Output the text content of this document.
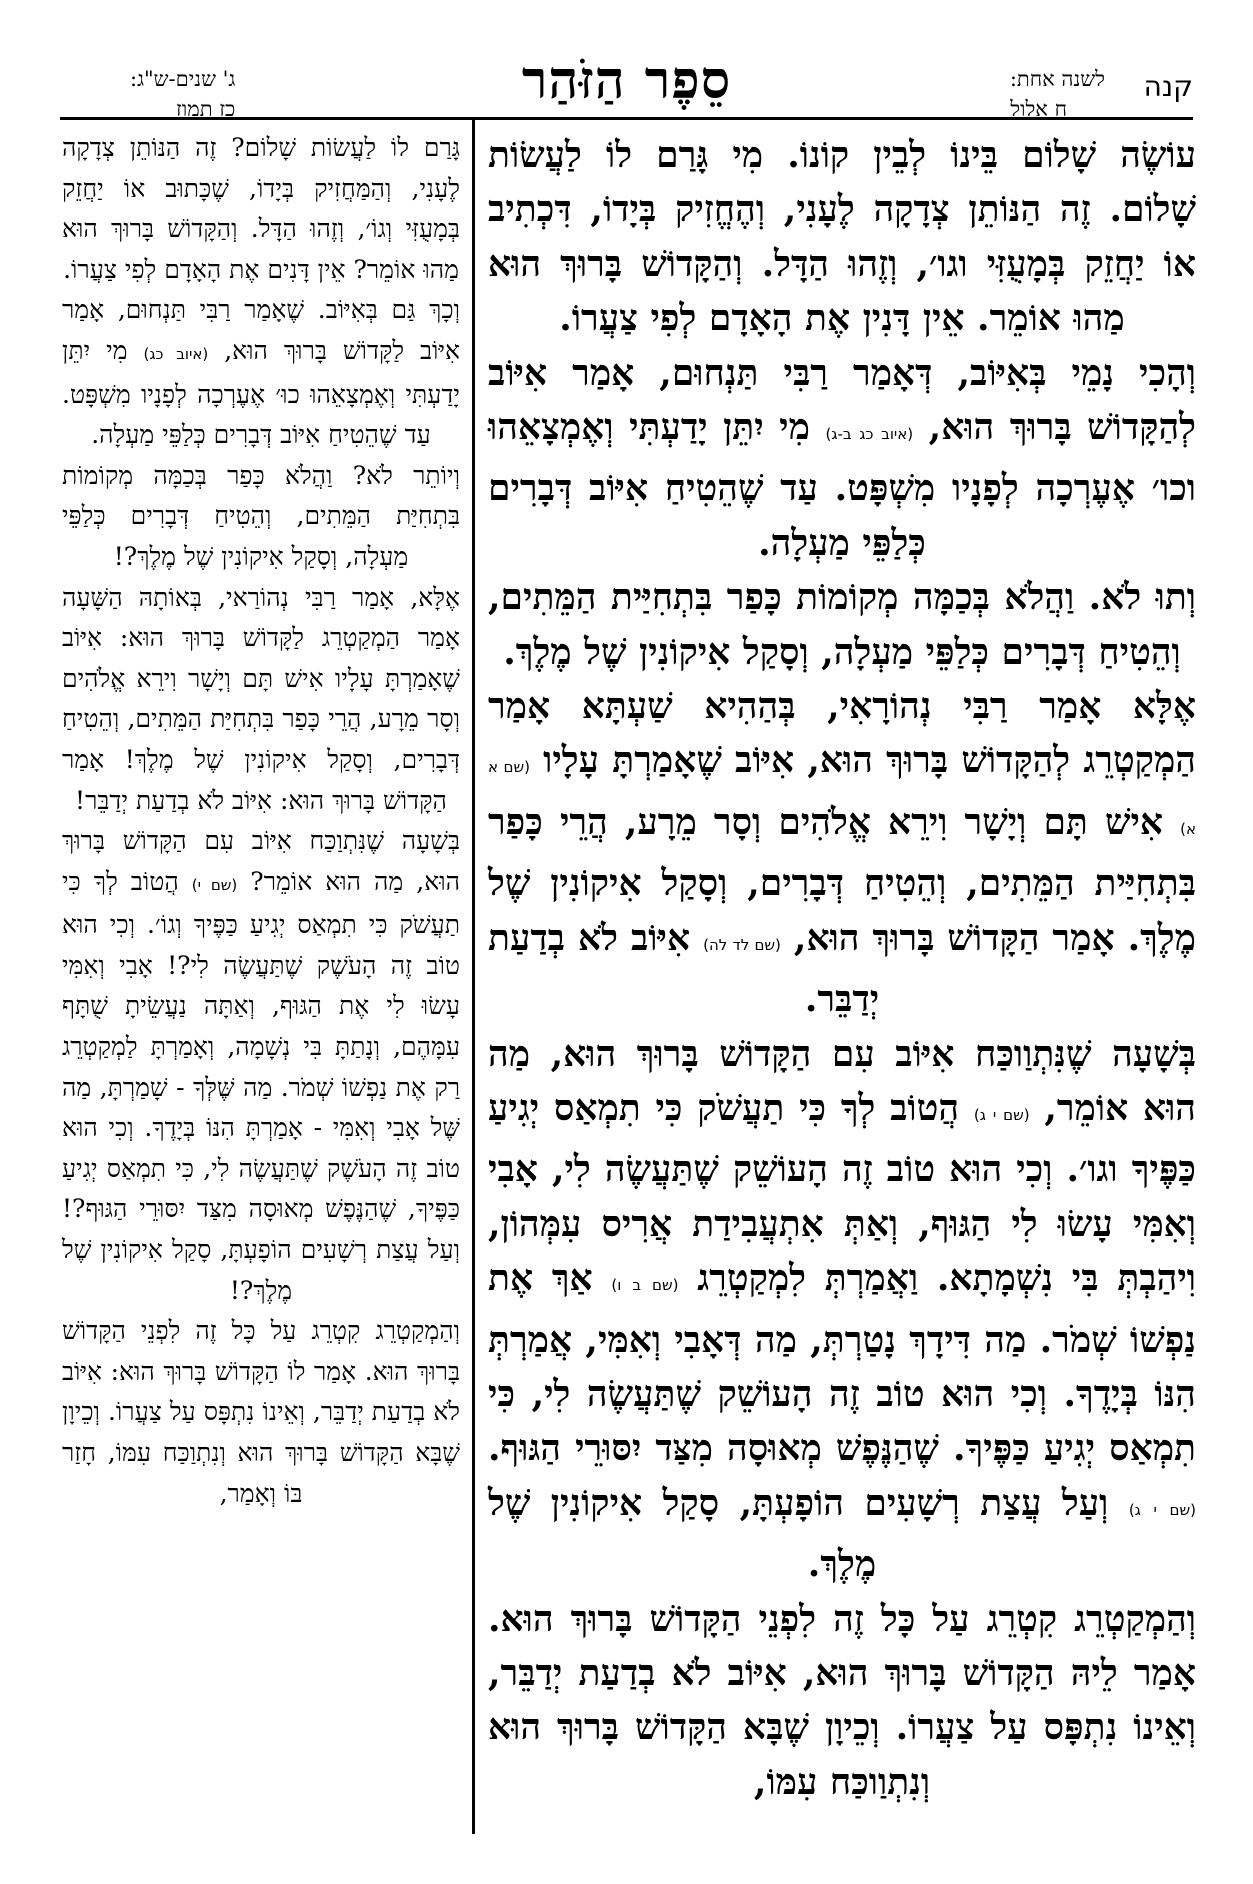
קנה
לשנה אחת:
ח אלול
סֵפֶר הַזֹּהַר
ג' שנים-ש"ג:
כז תמוז

עוֹשֶׂה שָׁלוֹם בֵּינוֹ לְבֵין קוֹנוֹ. מִי גָּרַם לוֹ לַעֲשׂוֹת שָׁלוֹם. זֶה הַנּוֹתֵן צְדָקָה לֶעָנִי, וְהֶחֱזִיק בְּיָדוֹ, דִּכְתִיב אוֹ יַחֲזֵק בְּמָעֻזִּי וגו׳, וְזֶהוּ הַדָּל. וְהַקָּדוֹשׁ בָּרוּךְ הוּא מַהוּ אוֹמֵר. אֵין דָּנִין אֶת הָאָדָם לְפִי צַעֲרוֹ.

וְהָכִי נָמֵי בְּאִיּוֹב, דְּאָמַר רַבִּי תַּנְחוּם, אָמַר אִיּוֹב לְהַקָּדוֹשׁ בָּרוּךְ הוּא, (איוב כג ב-ג) מִי יִתֵּן יָדַעְתִּי וְאֶמְצָאֵהוּ וכו׳ אֶעֶרְכָה לְפָנָיו מִשְׁפָּט. עַד שֶׁהֵטִיחַ אִיּוֹב דְּבָרִים כְּלַפֵּי מַעְלָה.

וְתוּ לֹא. וַהֲלֹא בְּכַמָּה מְקוֹמוֹת כָּפַר בִּתְחִיַּית הַמֵּתִים, וְהֵטִיחַ דְּבָרִים כְּלַפֵּי מַעְלָה, וְסָקַל אִיקוֹנִין שֶׁל מֶלֶךְ.

אֶלָּא אָמַר רַבִּי נְהוֹרָאִי, בְּהַהִיא שַׁעְתָּא אָמַר הַמְקַטְרֵג לְהַקָּדוֹשׁ בָּרוּךְ הוּא, אִיּוֹב שֶׁאָמַרְתָּ עָלָיו (שם א א) אִישׁ תָּם וְיָשָׁר וִירֵא אֱלֹהִים וְסָר מֵרָע, הֲרֵי כָּפַר בִּתְחִיַּית הַמֵּתִים, וְהֵטִיחַ דְּבָרִים, וְסָקַל אִיקוֹנִין שֶׁל מֶלֶךְ. אָמַר הַקָּדוֹשׁ בָּרוּךְ הוּא, (שם לד לה) אִיּוֹב לֹא בְדַעַת יְדַבֵּר.

בְּשָׁעָה שֶׁנִּתְוַוכַּח אִיּוֹב עִם הַקָּדוֹשׁ בָּרוּךְ הוּא, מַה הוּא אוֹמֵר, (שם י ג) הֲטוֹב לְךָ כִּי תַעֲשֹׁק כִּי תִמְאַס יְגִיעַ כַּפֶּיךָ וגו׳. וְכִי הוּא טוֹב זֶה הָעוֹשֵׁק שֶׁתַּעֲשֶׂה לִי, אָבִי וְאִמִּי עָשׂוּ לִי הַגּוּף, וְאַתְּ אִתְעֲבִידַת אֲרִיס עִמְּהוֹן, וִיהַבְתְּ בִּי נִשְׁמָתָא. וַאֲמַרְתְּ לִמְקַטְרֵג (שם ב ו) אַךְ אֶת נַפְשׁוֹ שְׁמֹר. מַה דִּידָךְ נָטַרְתְּ, מַה דְּאָבִי וְאִמִּי, אֲמַרְתְּ הִנּוֹ בְּיָדֶךָ. וְכִי הוּא טוֹב זֶה הָעוֹשֵׁק שֶׁתַּעֲשֶׂה לִי, כִּי תִמְאַס יְגִיעַ כַּפֶּיךָ. שֶׁהַנֶּפֶשׁ מְאוּסָה מִצַּד יִסּוּרֵי הַגּוּף. (שם י ג) וְעַל עֲצַת רְשָׁעִים הוֹפָעְתָּ, סָקַל אִיקוֹנִין שֶׁל מֶלֶךְ.

וְהַמְקַטְרֵג קִטְרֵג עַל כָּל זֶה לִפְנֵי הַקָּדוֹשׁ בָּרוּךְ הוּא. אָמַר לֵיהּ הַקָּדוֹשׁ בָּרוּךְ הוּא, אִיּוֹב לֹא בְדַעַת יְדַבֵּר, וְאֵינוֹ נִתְפָּס עַל צַעֲרוֹ. וְכֵיוָן שֶׁבָּא הַקָּדוֹשׁ בָּרוּךְ הוּא וְנִתְוַוכַּח עִמּוֹ,

גָּרַם לוֹ לַעֲשׂוֹת שָׁלוֹם? זֶה הַנּוֹתֵן צְדָקָה לֶעָנִי, וְהַמַּחֲזִיק בְּיָדוֹ, שֶׁכָּתוּב אוֹ יַחֲזֵק בְּמָעֻזִּי וְגוֹ׳, וְזֶהוּ הַדָּל. וְהַקָּדוֹשׁ בָּרוּךְ הוּא מַהוּ אוֹמֵר? אֵין דָּנִים אֶת הָאָדָם לְפִי צַעֲרוֹ.

וְכָךְ גַּם בְּאִיּוֹב. שֶׁאָמַר רַבִּי תַּנְחוּם, אָמַר אִיּוֹב לַקָּדוֹשׁ בָּרוּךְ הוּא, (איוב כג) מִי יִתֵּן יָדַעְתִּי וְאֶמְצָאֵהוּ כוּ׳ אֶעֶרְכָה לְפָנָיו מִשְׁפָּט. עַד שֶׁהֵטִיחַ אִיּוֹב דְּבָרִים כְּלַפֵּי מַעְלָה.

וְיוֹתֵר לֹא? וַהֲלֹא כָּפַר בְּכַמָּה מְקוֹמוֹת בִּתְחִיַּת הַמֵּתִים, וְהֵטִיחַ דְּבָרִים כְּלַפֵּי מַעְלָה, וְסָקַל אִיקוֹנִין שֶׁל מֶלֶךְ?!

אֶלָּא, אָמַר רַבִּי נְהוֹרַאי, בְּאוֹתָהּ הַשָּׁעָה אָמַר הַמְקַטְרֵג לַקָּדוֹשׁ בָּרוּךְ הוּא: אִיּוֹב שֶׁאָמַרְתָּ עָלָיו אִישׁ תָּם וְיָשָׁר וִירֵא אֱלֹהִים וְסָר מֵרָע, הֲרֵי כָּפַר בִּתְחִיַּת הַמֵּתִים, וְהֵטִיחַ דְּבָרִים, וְסָקַל אִיקוֹנִין שֶׁל מֶלֶךְ! אָמַר הַקָּדוֹשׁ בָּרוּךְ הוּא: אִיּוֹב לֹא בְדַעַת יְדַבֵּר!

בְּשָׁעָה שֶׁנִּתְוַכַּח אִיּוֹב עִם הַקָּדוֹשׁ בָּרוּךְ הוּא, מַה הוּא אוֹמֵר? (שם י) הֲטוֹב לְךָ כִּי תַעֲשֹׁק כִּי תִמְאַס יְגִיעַ כַּפֶּיךָ וְגוֹ׳. וְכִי הוּא טוֹב זֶה הָעֹשֶׁק שֶׁתַּעֲשֶׂה לִי?! אָבִי וְאִמִּי עָשׂוּ לִי אֶת הַגּוּף, וְאַתָּה נַעֲשֵׂיתָ שֻׁתָּף עִמָּהֶם, וְנָתַתָּ בִּי נְשָׁמָה, וְאָמַרְתָּ לַמְקַטְרֵג רַק אֶת נַפְשׁוֹ שְׁמֹר. מַה שֶּׁלְּךָ - שָׁמַרְתָּ, מַה שֶּׁל אָבִי וְאִמִּי - אָמַרְתָּ הִנּוֹ בְּיָדֶךָ. וְכִי הוּא טוֹב זֶה הָעֹשֶׁק שֶׁתַּעֲשֶׂה לִי, כִּי תִמְאַס יְגִיעַ כַּפֶּיךָ, שֶׁהַנֶּפֶשׁ מְאוּסָה מִצַּד יִסּוּרֵי הַגּוּף?! וְעַל עֲצַת רְשָׁעִים הוֹפָעְתָּ, סָקַל אִיקוֹנִין שֶׁל מֶלֶךְ?!

וְהַמְקַטְרֵג קִטְרֵג עַל כָּל זֶה לִפְנֵי הַקָּדוֹשׁ בָּרוּךְ הוּא. אָמַר לוֹ הַקָּדוֹשׁ בָּרוּךְ הוּא: אִיּוֹב לֹא בְדַעַת יְדַבֵּר, וְאֵינוֹ נִתְפָּס עַל צַעֲרוֹ. וְכֵיוָן שֶׁבָּא הַקָּדוֹשׁ בָּרוּךְ הוּא וְנִתְוַכַּח עִמּוֹ, חָזַר בּוֹ וְאָמַר,
